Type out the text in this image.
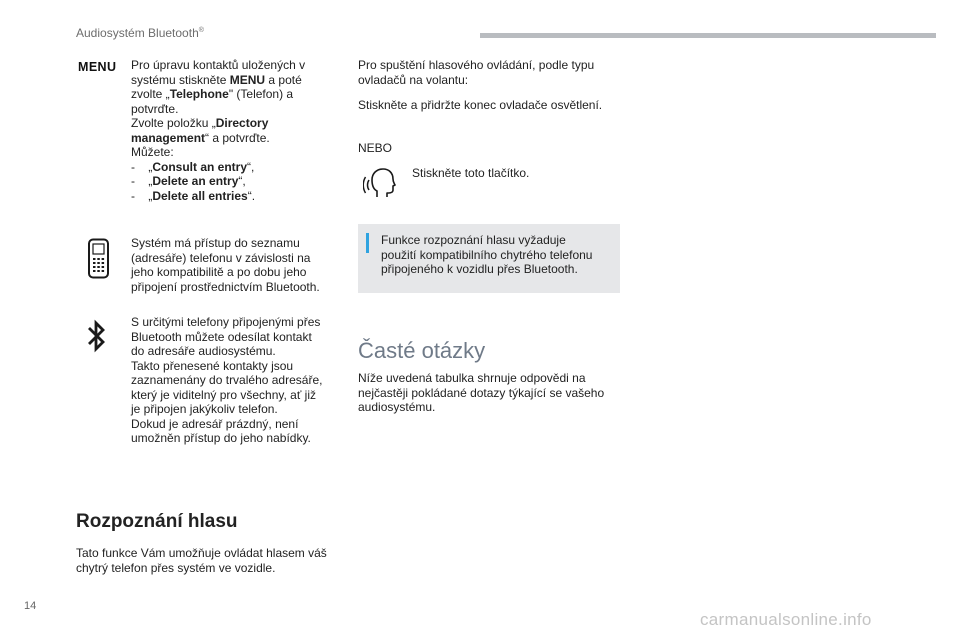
Audiosystém Bluetooth®
MENU Pro úpravu kontaktů uložených v
systému stiskněte MENU a poté
zvolte „Telephone" (Telefon) a
potvrďte.
Zvolte položku „Directory
management“ a potvrďte.
Můžete:
-    „Consult an entry“,
-    „Delete an entry“,
-    „Delete all entries“.
Systém má přístup do seznamu
(adresáře) telefonu v závislosti na
jeho kompatibilitě a po dobu jeho
připojení prostřednictvím Bluetooth.
S určitými telefony připojenými přes
Bluetooth můžete odesílat kontakt
do adresáře audiosystému.
Takto přenesené kontakty jsou
zaznamenány do trvalého adresáře,
který je viditelný pro všechny, ať již
je připojen jakýkoliv telefon.
Dokud je adresář prázdný, není
umožněn přístup do jeho nabídky.
Rozpoznání hlasu
Tato funkce Vám umožňuje ovládat hlasem váš
chytrý telefon přes systém ve vozidle.
Pro spuštění hlasového ovládání, podle typu
ovladačů na volantu:
Stiskněte a přidržte konec ovladače osvětlení.
NEBO
Stiskněte toto tlačítko.
Funkce rozpoznání hlasu vyžaduje
použití kompatibilního chytrého telefonu
připojeného k vozidlu přes Bluetooth.
Časté otázky
Níže uvedená tabulka shrnuje odpovědi na
nejčastěji pokládané dotazy týkající se vašeho
audiosystému.
14
carmanualsonline.info
